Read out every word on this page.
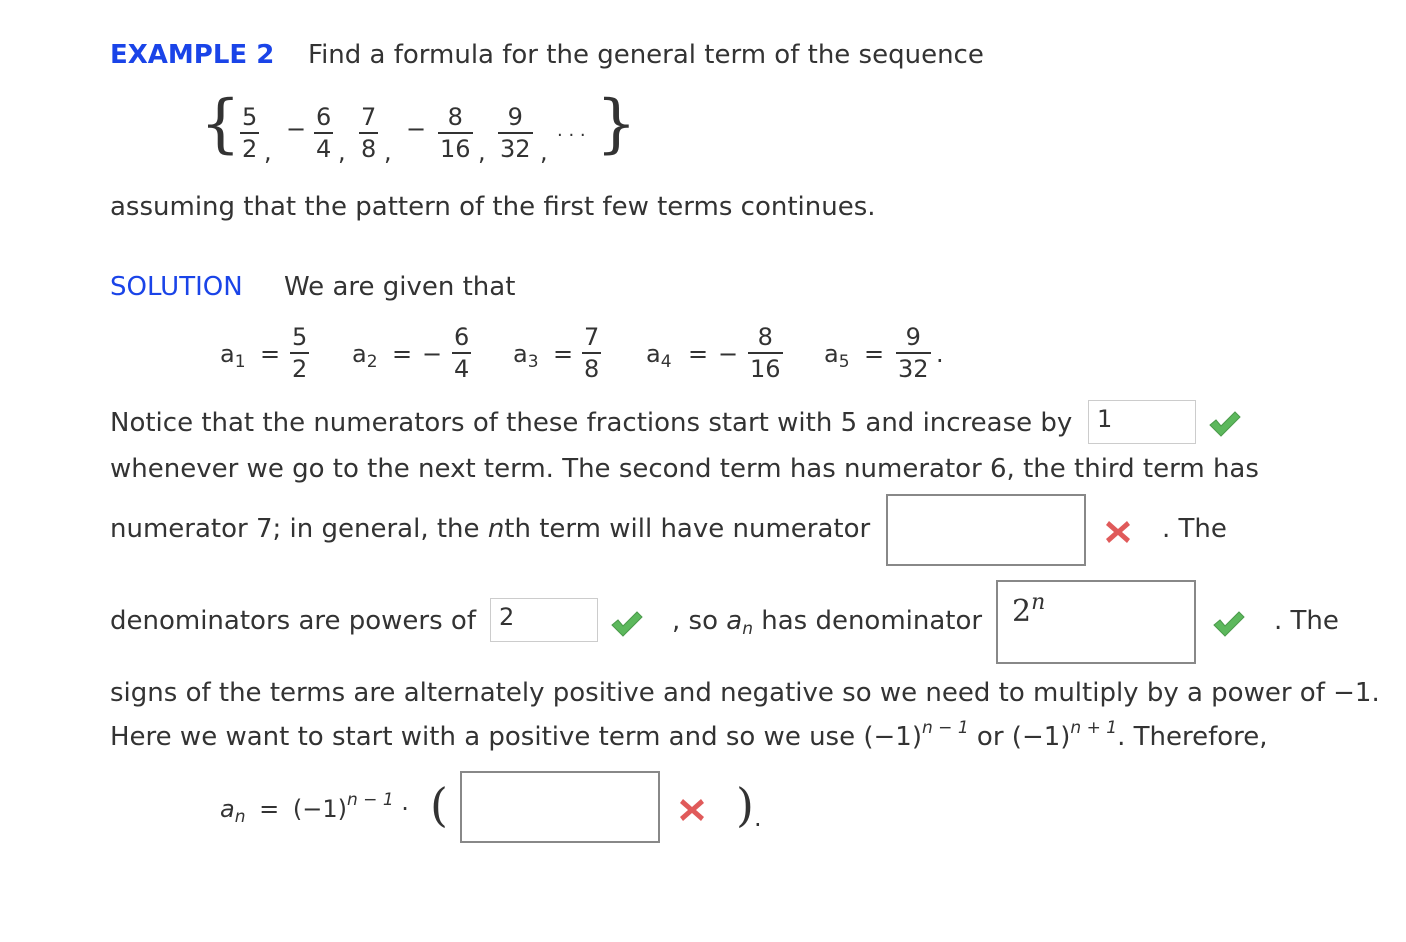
EXAMPLE 2 Find a formula for the general term of the sequence
{ $\frac{5}{2}$ ,
− $\frac{6}{4}$ , $\frac{7}{8}$ ,
− $\frac{8}{16}$ , $\frac{9}{32}$ ,
. . . }
assuming that the pattern of the first few terms continues.
SOLUTION We are given that
$a_1 = \frac{5}{2} a_2$ = − $\frac{6}{4} a_3 = \frac{7}{8} a_4$ = − $\frac{8}{16} a_5 = \frac{9}{32}$ .
Notice that the numerators of these fractions start with 5 and increase by	1
whenever we go to the next term. The second term has numerator 6, the third term has
numerator 7; in general, the nth term will have numerator	. The
denominators are powers of 2	, so $a_n$ has denominator 2$^n$
. The
signs of the terms are alternately positive and negative so we need to multiply by a power of −1.
Here we want to start with a positive term and so we use $(-1)^{n - 1}$ or $(-1)^{n + 1}$. Therefore,
$a_n = (-1)^{n - 1}$ · (	) .
